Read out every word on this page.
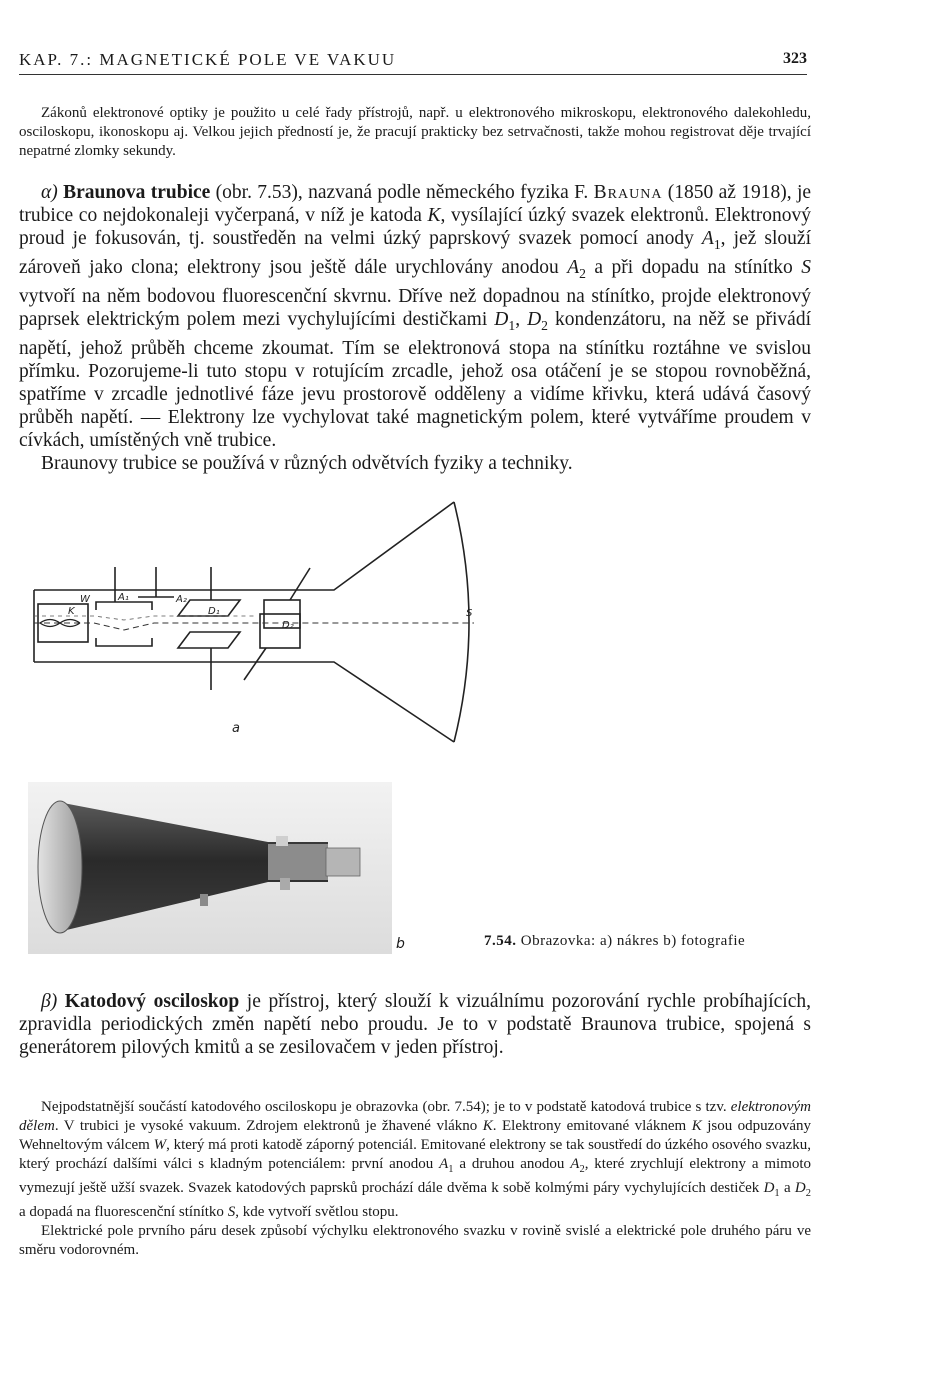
KAP. 7.: MAGNETICKÉ POLE VE VAKUU	323

Zákonů elektronové optiky je použito u celé řady přístrojů, např. u elektronového mikroskopu, elektronového dalekohledu, osciloskopu, ikonoskopu aj. Velkou jejich předností je, že pracují prakticky bez setrvačnosti, takže mohou registrovat děje trvající nepatrné zlomky sekundy.

α) Braunova trubice (obr. 7.53), nazvaná podle německého fyzika F. Brauna (1850 až 1918), je trubice co nejdokonaleji vyčerpaná, v níž je katoda K, vysílající úzký svazek elektronů. Elektronový proud je fokusován, tj. soustředěn na velmi úzký paprskový svazek pomocí anody $A_1$, jež slouží zároveň jako clona; elektrony jsou ještě dále urychlovány anodou $A_2$ a při dopadu na stínítko S vytvoří na něm bodovou fluorescenční skvrnu. Dříve než dopadnou na stínítko, projde elektronový paprsek elektrickým polem mezi vychylujícími destičkami $D_1$, $D_2$ kondenzátoru, na něž se přivádí napětí, jehož průběh chceme zkoumat. Tím se elektronová stopa na stínítku roztáhne ve svislou přímku. Pozorujeme-li tuto stopu v rotujícím zrcadle, jehož osa otáčení je se stopou rovnoběžná, spatříme v zrcadle jednotlivé fáze jevu prostorově odděleny a vidíme křivku, která udává časový průběh napětí. — Elektrony lze vychylovat také magnetickým polem, které vytváříme proudem v cívkách, umístěných vně trubice.

Braunovy trubice se používá v různých odvětvích fyziky a techniky.

W
K
A₁	A₂
D₁
D₂
S
a
b	7.54. Obrazovka: a) nákres b) fotografie

β) Katodový osciloskop je přístroj, který slouží k vizuálnímu pozorování rychle probíhajících, zpravidla periodických změn napětí nebo proudu. Je to v podstatě Braunova trubice, spojená s generátorem pilových kmitů a se zesilovačem v jeden přístroj.

Nejpodstatnější součástí katodového osciloskopu je obrazovka (obr. 7.54); je to v podstatě katodová trubice s tzv. elektronovým dělem. V trubici je vysoké vakuum. Zdrojem elektronů je žhavené vlákno K. Elektrony emitované vláknem K jsou odpuzovány Wehneltovým válcem W, který má proti katodě záporný potenciál. Emitované elektrony se tak soustředí do úzkého osového svazku, který prochází dalšími válci s kladným potenciálem: první anodou $A_1$ a druhou anodou $A_2$, které zrychlují elektrony a mimoto vymezují ještě užší svazek. Svazek katodových paprsků prochází dále dvěma k sobě kolmými páry vychylujících destiček $D_1$ a $D_2$ a dopadá na fluorescenční stínítko S, kde vytvoří světlou stopu.

Elektrické pole prvního páru desek způsobí výchylku elektronového svazku v rovině svislé a elektrické pole druhého páru ve směru vodorovném.
